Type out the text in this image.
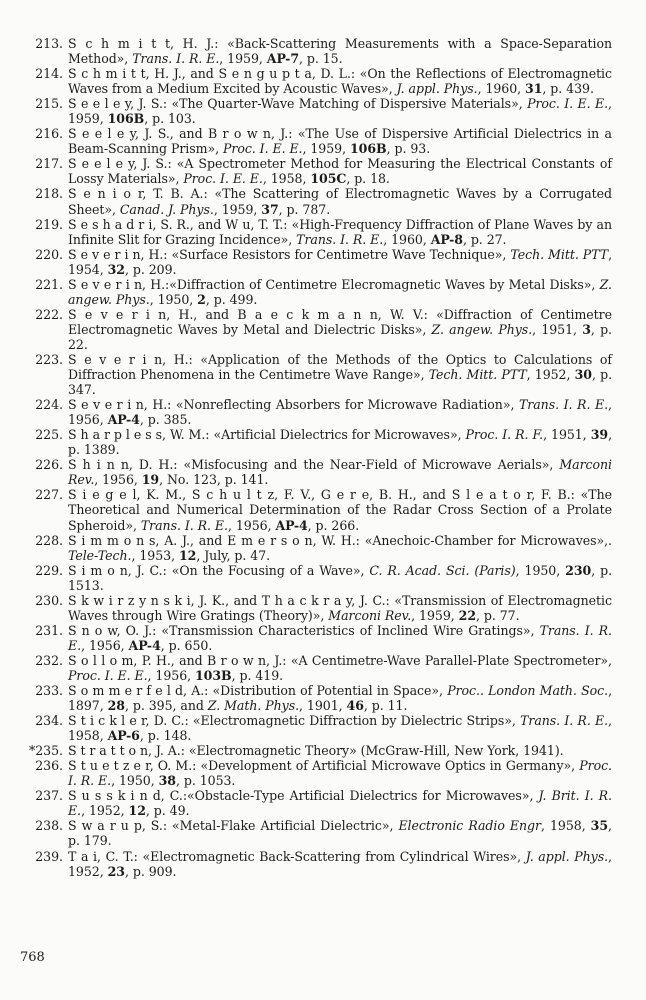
213. S c h m i t t, H. J.: «Back-Scattering Measurements with a Space-Separation Method», Trans. I. R. E., 1959, AP-7, p. 15.
214. S c h m i t t, H. J., and S e n g u p t a, D. L.: «On the Reflections of Electromagnetic Waves from a Medium Excited by Acoustic Waves», J. appl. Phys., 1960, 31, p. 439.
215. S e e l e y, J. S.: «The Quarter-Wave Matching of Dispersive Materials», Proc. I. E. E., 1959, 106B, p. 103.
216. S e e l e y, J. S., and B r o w n, J.: «The Use of Dispersive Artificial Dielectrics in a Beam-Scanning Prism», Proc. I. E. E., 1959, 106B, p. 93.
217. S e e l e y, J. S.: «A Spectrometer Method for Measuring the Electrical Constants of Lossy Materials», Proc. I. E. E., 1958, 105C, p. 18.
218. S e n i o r, T. B. A.: «The Scattering of Electromagnetic Waves by a Corrugated Sheet», Canad. J. Phys., 1959, 37, p. 787.
219. S e s h a d r i, S. R., and W u, T. T.: «High-Frequency Diffraction of Plane Waves by an Infinite Slit for Grazing Incidence», Trans. I. R. E., 1960, AP-8, p. 27.
220. S e v e r i n, H.: «Surface Resistors for Centimetre Wave Technique», Tech. Mitt. PTT, 1954, 32, p. 209.
221. S e v e r i n, H.:«Diffraction of Centimetre Elecromagnetic Waves by Metal Disks», Z. angew. Phys., 1950, 2, p. 499.
222. S e v e r i n, H., and B a e c k m a n n, W. V.: «Diffraction of Centimetre Electromagnetic Waves by Metal and Dielectric Disks», Z. angew. Phys., 1951, 3, p. 22.
223. S e v e r i n, H.: «Application of the Methods of the Optics to Calculations of Diffraction Phenomena in the Centimetre Wave Range», Tech. Mitt. PTT, 1952, 30, p. 347.
224. S e v e r i n, H.: «Nonreflecting Absorbers for Microwave Radiation», Trans. I. R. E., 1956, AP-4, p. 385.
225. S h a r p l e s s, W. M.: «Artificial Dielectrics for Microwaves», Proc. I. R. F., 1951, 39, p. 1389.
226. S h i n n, D. H.: «Misfocusing and the Near-Field of Microwave Aerials», Marconi Rev., 1956, 19, No. 123, p. 141.
227. S i e g e l, K. M., S c h u l t z, F. V., G e r e, B. H., and S l e a t o r, F. B.: «The Theoretical and Numerical Determination of the Radar Cross Section of a Prolate Spheroid», Trans. I. R. E., 1956, AP-4, p. 266.
228. S i m m o n s, A. J., and E m e r s o n, W. H.: «Anechoic-Chamber for Microwaves»,. Tele-Tech., 1953, 12, July, p. 47.
229. S i m o n, J. C.: «On the Focusing of a Wave», C. R. Acad. Sci. (Paris), 1950, 230, p. 1513.
230. S k w i r z y n s k i, J. K., and T h a c k r a y, J. C.: «Transmission of Electromagnetic Waves through Wire Gratings (Theory)», Marconi Rev., 1959, 22, p. 77.
231. S n o w, O. J.: «Transmission Characteristics of Inclined Wire Gratings», Trans. I. R. E., 1956, AP-4, p. 650.
232. S o l l o m, P. H., and B r o w n, J.: «A Centimetre-Wave Parallel-Plate Spectrometer», Proc. I. E. E., 1956, 103B, p. 419.
233. S o m m e r f e l d, A.: «Distribution of Potential in Space», Proc.. London Math. Soc., 1897, 28, p. 395, and Z. Math. Phys., 1901, 46, p. 11.
234. S t i c k l e r, D. C.: «Electromagnetic Diffraction by Dielectric Strips», Trans. I. R. E., 1958, AP-6, p. 148.
*235. S t r a t t o n, J. A.: «Electromagnetic Theory» (McGraw-Hill, New York, 1941).
236. S t u e t z e r, O. M.: «Development of Artificial Microwave Optics in Germany», Proc. I. R. E., 1950, 38, p. 1053.
237. S u s s k i n d, C.:«Obstacle-Type Artificial Dielectrics for Microwaves», J. Brit. I. R. E., 1952, 12, p. 49.
238. S w a r u p, S.: «Metal-Flake Artificial Dielectric», Electronic Radio Engr, 1958, 35, p. 179.
239. T a i, C. T.: «Electromagnetic Back-Scattering from Cylindrical Wires», J. appl. Phys., 1952, 23, p. 909.
768
